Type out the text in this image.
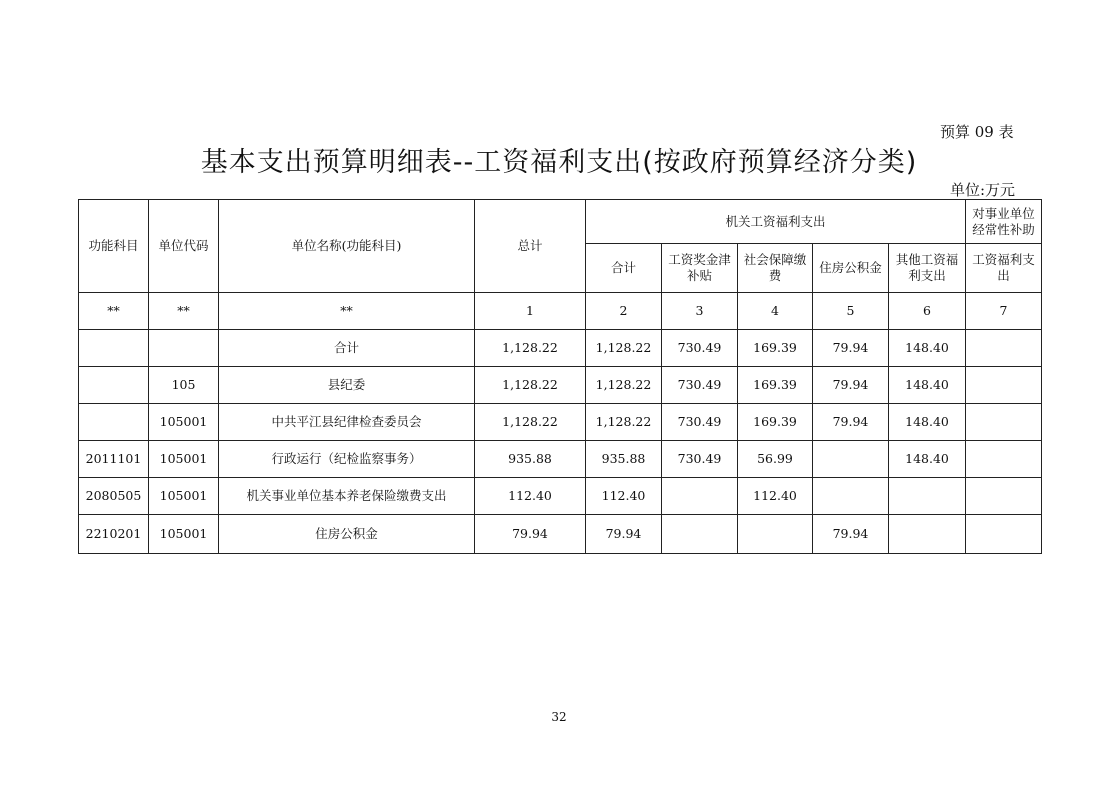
预算 09 表
基本支出预算明细表--工资福利支出(按政府预算经济分类)
单位:万元
功能科目	单位代码	单位名称(功能科目)	总计	机关工资福利支出					对事业单位经常性补助
				合计	工资奖金津补贴	社会保障缴费	住房公积金	其他工资福利支出	工资福利支出
**	**	**	1	2	3	4	5	6	7
		合计	1,128.22	1,128.22	730.49	169.39	79.94	148.40	
	105	县纪委	1,128.22	1,128.22	730.49	169.39	79.94	148.40	
	105001	中共平江县纪律检查委员会	1,128.22	1,128.22	730.49	169.39	79.94	148.40	
2011101	105001	行政运行（纪检监察事务）	935.88	935.88	730.49	56.99		148.40	
2080505	105001	机关事业单位基本养老保险缴费支出	112.40	112.40		112.40			
2210201	105001	住房公积金	79.94	79.94			79.94		
32
